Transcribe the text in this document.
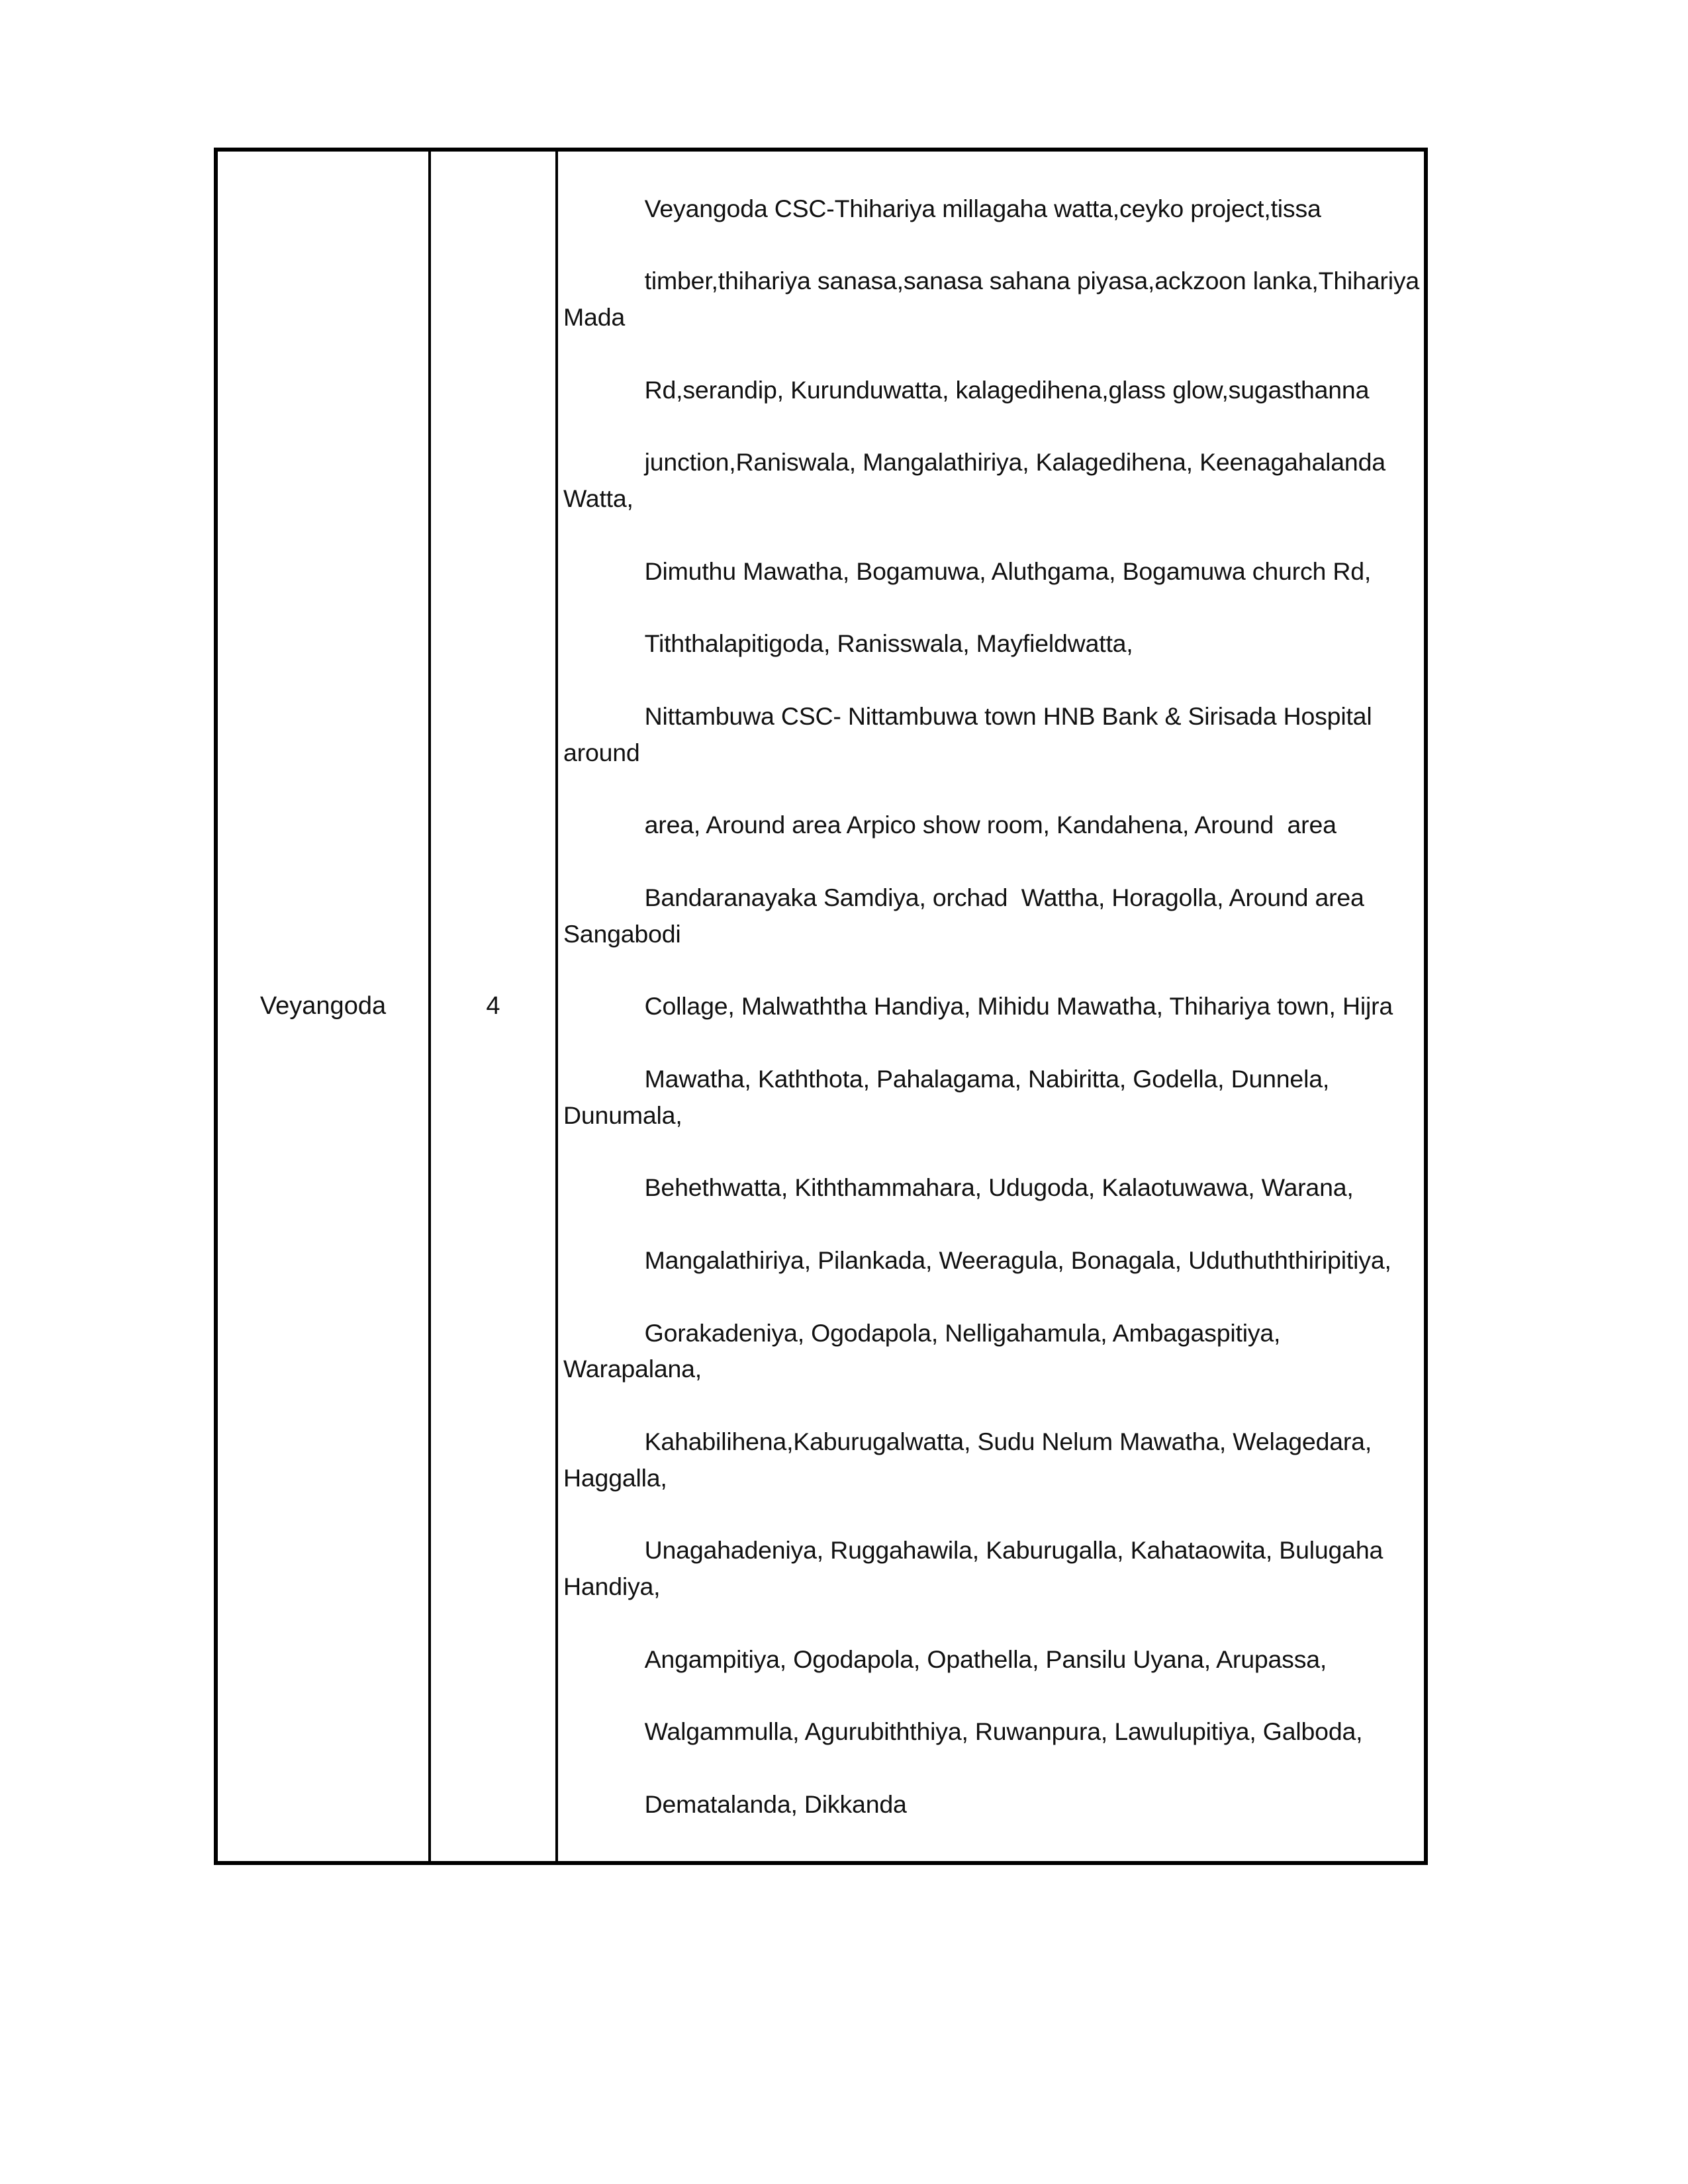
Veyangoda	4	

Veyangoda CSC-Thihariya millagaha watta,ceyko project,tissa

timber,thihariya sanasa,sanasa sahana piyasa,ackzoon lanka,Thihariya Mada

Rd,serandip, Kurunduwatta, kalagedihena,glass glow,sugasthanna

junction,Raniswala, Mangalathiriya, Kalagedihena, Keenagahalanda Watta,

Dimuthu Mawatha, Bogamuwa, Aluthgama, Bogamuwa church Rd,

Tiththalapitigoda, Ranisswala, Mayfieldwatta,

Nittambuwa CSC- Nittambuwa town HNB Bank & Sirisada Hospital around

area, Around area Arpico show room, Kandahena, Around  area

Bandaranayaka Samdiya, orchad  Wattha, Horagolla, Around area Sangabodi

Collage, Malwaththa Handiya, Mihidu Mawatha, Thihariya town, Hijra

Mawatha, Kaththota, Pahalagama, Nabiritta, Godella, Dunnela, Dunumala,

Behethwatta, Kiththammahara, Udugoda, Kalaotuwawa, Warana,

Mangalathiriya, Pilankada, Weeragula, Bonagala, Uduthuththiripitiya,

Gorakadeniya, Ogodapola, Nelligahamula, Ambagaspitiya, Warapalana,

Kahabilihena,Kaburugalwatta, Sudu Nelum Mawatha, Welagedara, Haggalla,

Unagahadeniya, Ruggahawila, Kaburugalla, Kahataowita, Bulugaha Handiya,

Angampitiya, Ogodapola, Opathella, Pansilu Uyana, Arupassa,

Walgammulla, Agurubiththiya, Ruwanpura, Lawulupitiya, Galboda,

Dematalanda, Dikkanda
